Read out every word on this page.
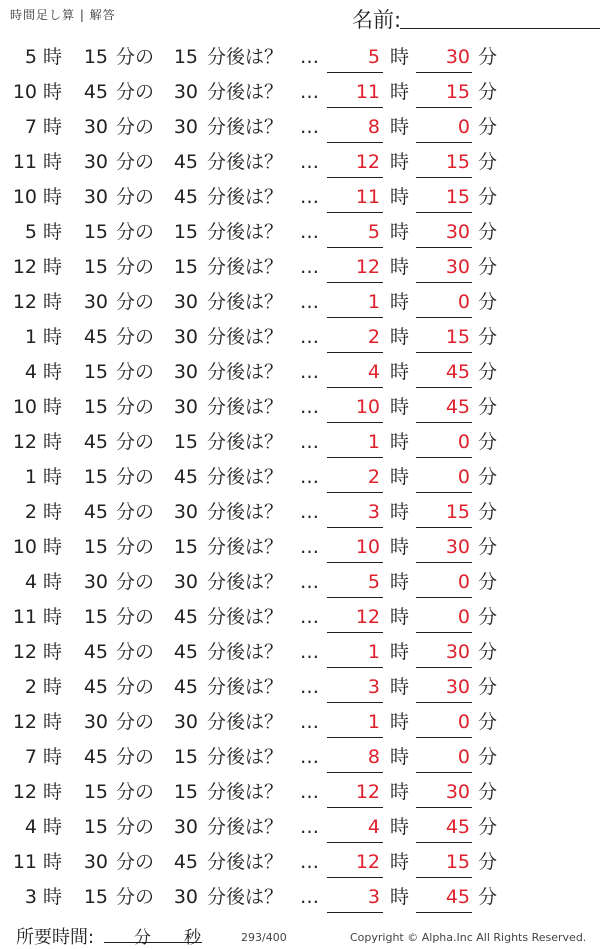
時間足し算 | 解答	名前:
5 時 15 分の 15 分後は？ …	5 時 30 分
10 時 45 分の 30 分後は？ … 11 時 15 分
7 時 30 分の 30 分後は？ …	8 時	0 分
11 時 30 分の 45 分後は？ … 12 時 15 分
10 時 30 分の 45 分後は？ … 11 時 15 分
5 時 15 分の 15 分後は？ …	5 時 30 分
12 時 15 分の 15 分後は？ … 12 時 30 分
12 時 30 分の 30 分後は？ …	1 時	0 分
1 時 45 分の 30 分後は？ …	2 時 15 分
4 時 15 分の 30 分後は？ …	4 時 45 分
10 時 15 分の 30 分後は？ … 10 時 45 分
12 時 45 分の 15 分後は？ …	1 時	0 分
1 時 15 分の 45 分後は？ …	2 時	0 分
2 時 45 分の 30 分後は？ …	3 時 15 分
10 時 15 分の 15 分後は？ … 10 時 30 分
4 時 30 分の 30 分後は？ …	5 時	0 分
11 時 15 分の 45 分後は？ … 12 時	0 分
12 時 45 分の 45 分後は？ …	1 時 30 分
2 時 45 分の 45 分後は？ …	3 時 30 分
12 時 30 分の 30 分後は？ …	1 時	0 分
7 時 45 分の 15 分後は？ …	8 時	0 分
12 時 15 分の 15 分後は？ … 12 時 30 分
4 時 15 分の 30 分後は？ …	4 時 45 分
11 時 30 分の 45 分後は？ … 12 時 15 分
3 時 15 分の 30 分後は？ …	3 時 45 分
所要時間: 分 秒	293/400	Copyright © Alpha.Inc All Rights Reserved.
